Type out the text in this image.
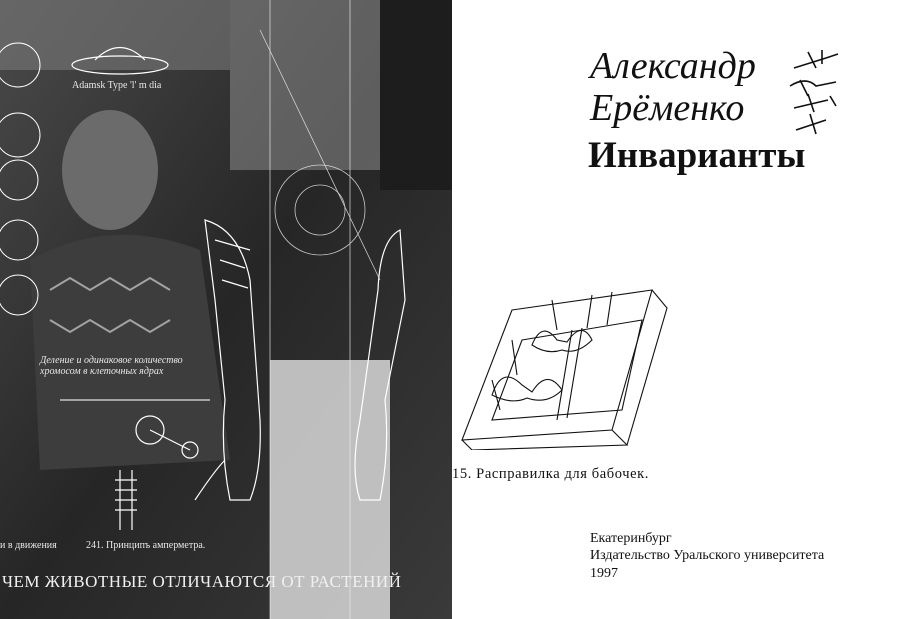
Adamsk Type 'l' m dia
Деление и одинаковое количество хромосом в клеточных ядрах
и в движения	241. Принципъ амперметра.
ЧЕМ ЖИВОТНЫЕ ОТЛИЧАЮТСЯ ОТ РАСТЕНИЙ
Александр
Ерёменко
Инварианты
15. Расправилка для бабочек.
Екатеринбург
Издательство Уральского университета
1997
